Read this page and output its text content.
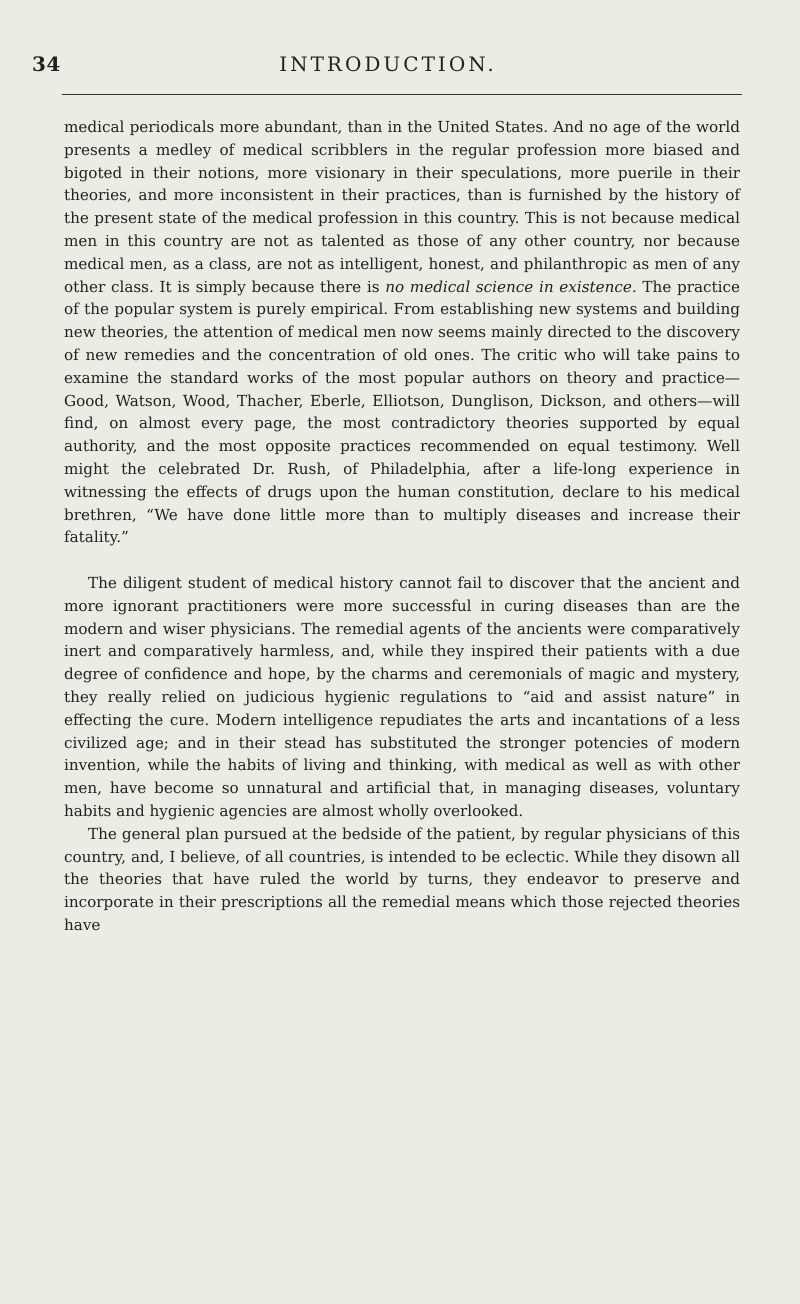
34	INTRODUCTION.

medical periodicals more abundant, than in the United States. And no age of the world presents a medley of medical scribblers in the regular profession more biased and bigoted in their notions, more visionary in their speculations, more puerile in their theories, and more inconsistent in their practices, than is furnished by the history of the present state of the medical profession in this country. This is not because medical men in this country are not as talented as those of any other country, nor because medical men, as a class, are not as intelligent, honest, and philanthropic as men of any other class. It is simply because there is no medical science in existence. The practice of the popular system is purely empirical. From establishing new systems and building new theories, the attention of medical men now seems mainly directed to the discovery of new remedies and the concentration of old ones. The critic who will take pains to examine the standard works of the most popular authors on theory and practice—Good, Watson, Wood, Thacher, Eberle, Elliotson, Dunglison, Dickson, and others—will find, on almost every page, the most contradictory theories supported by equal authority, and the most opposite practices recommended on equal testimony. Well might the celebrated Dr. Rush, of Philadelphia, after a life-long experience in witnessing the effects of drugs upon the human constitution, declare to his medical brethren, “We have done little more than to multiply diseases and increase their fatality.”

The diligent student of medical history cannot fail to discover that the ancient and more ignorant practitioners were more successful in curing diseases than are the modern and wiser physicians. The remedial agents of the ancients were comparatively inert and comparatively harmless, and, while they inspired their patients with a due degree of confidence and hope, by the charms and ceremonials of magic and mystery, they really relied on judicious hygienic regulations to “aid and assist nature” in effecting the cure. Modern intelligence repudiates the arts and incantations of a less civilized age; and in their stead has substituted the stronger potencies of modern invention, while the habits of living and thinking, with medical as well as with other men, have become so unnatural and artificial that, in managing diseases, voluntary habits and hygienic agencies are almost wholly overlooked.

The general plan pursued at the bedside of the patient, by regular physicians of this country, and, I believe, of all countries, is intended to be eclectic. While they disown all the theories that have ruled the world by turns, they endeavor to preserve and incorporate in their prescriptions all the remedial means which those rejected theories have
